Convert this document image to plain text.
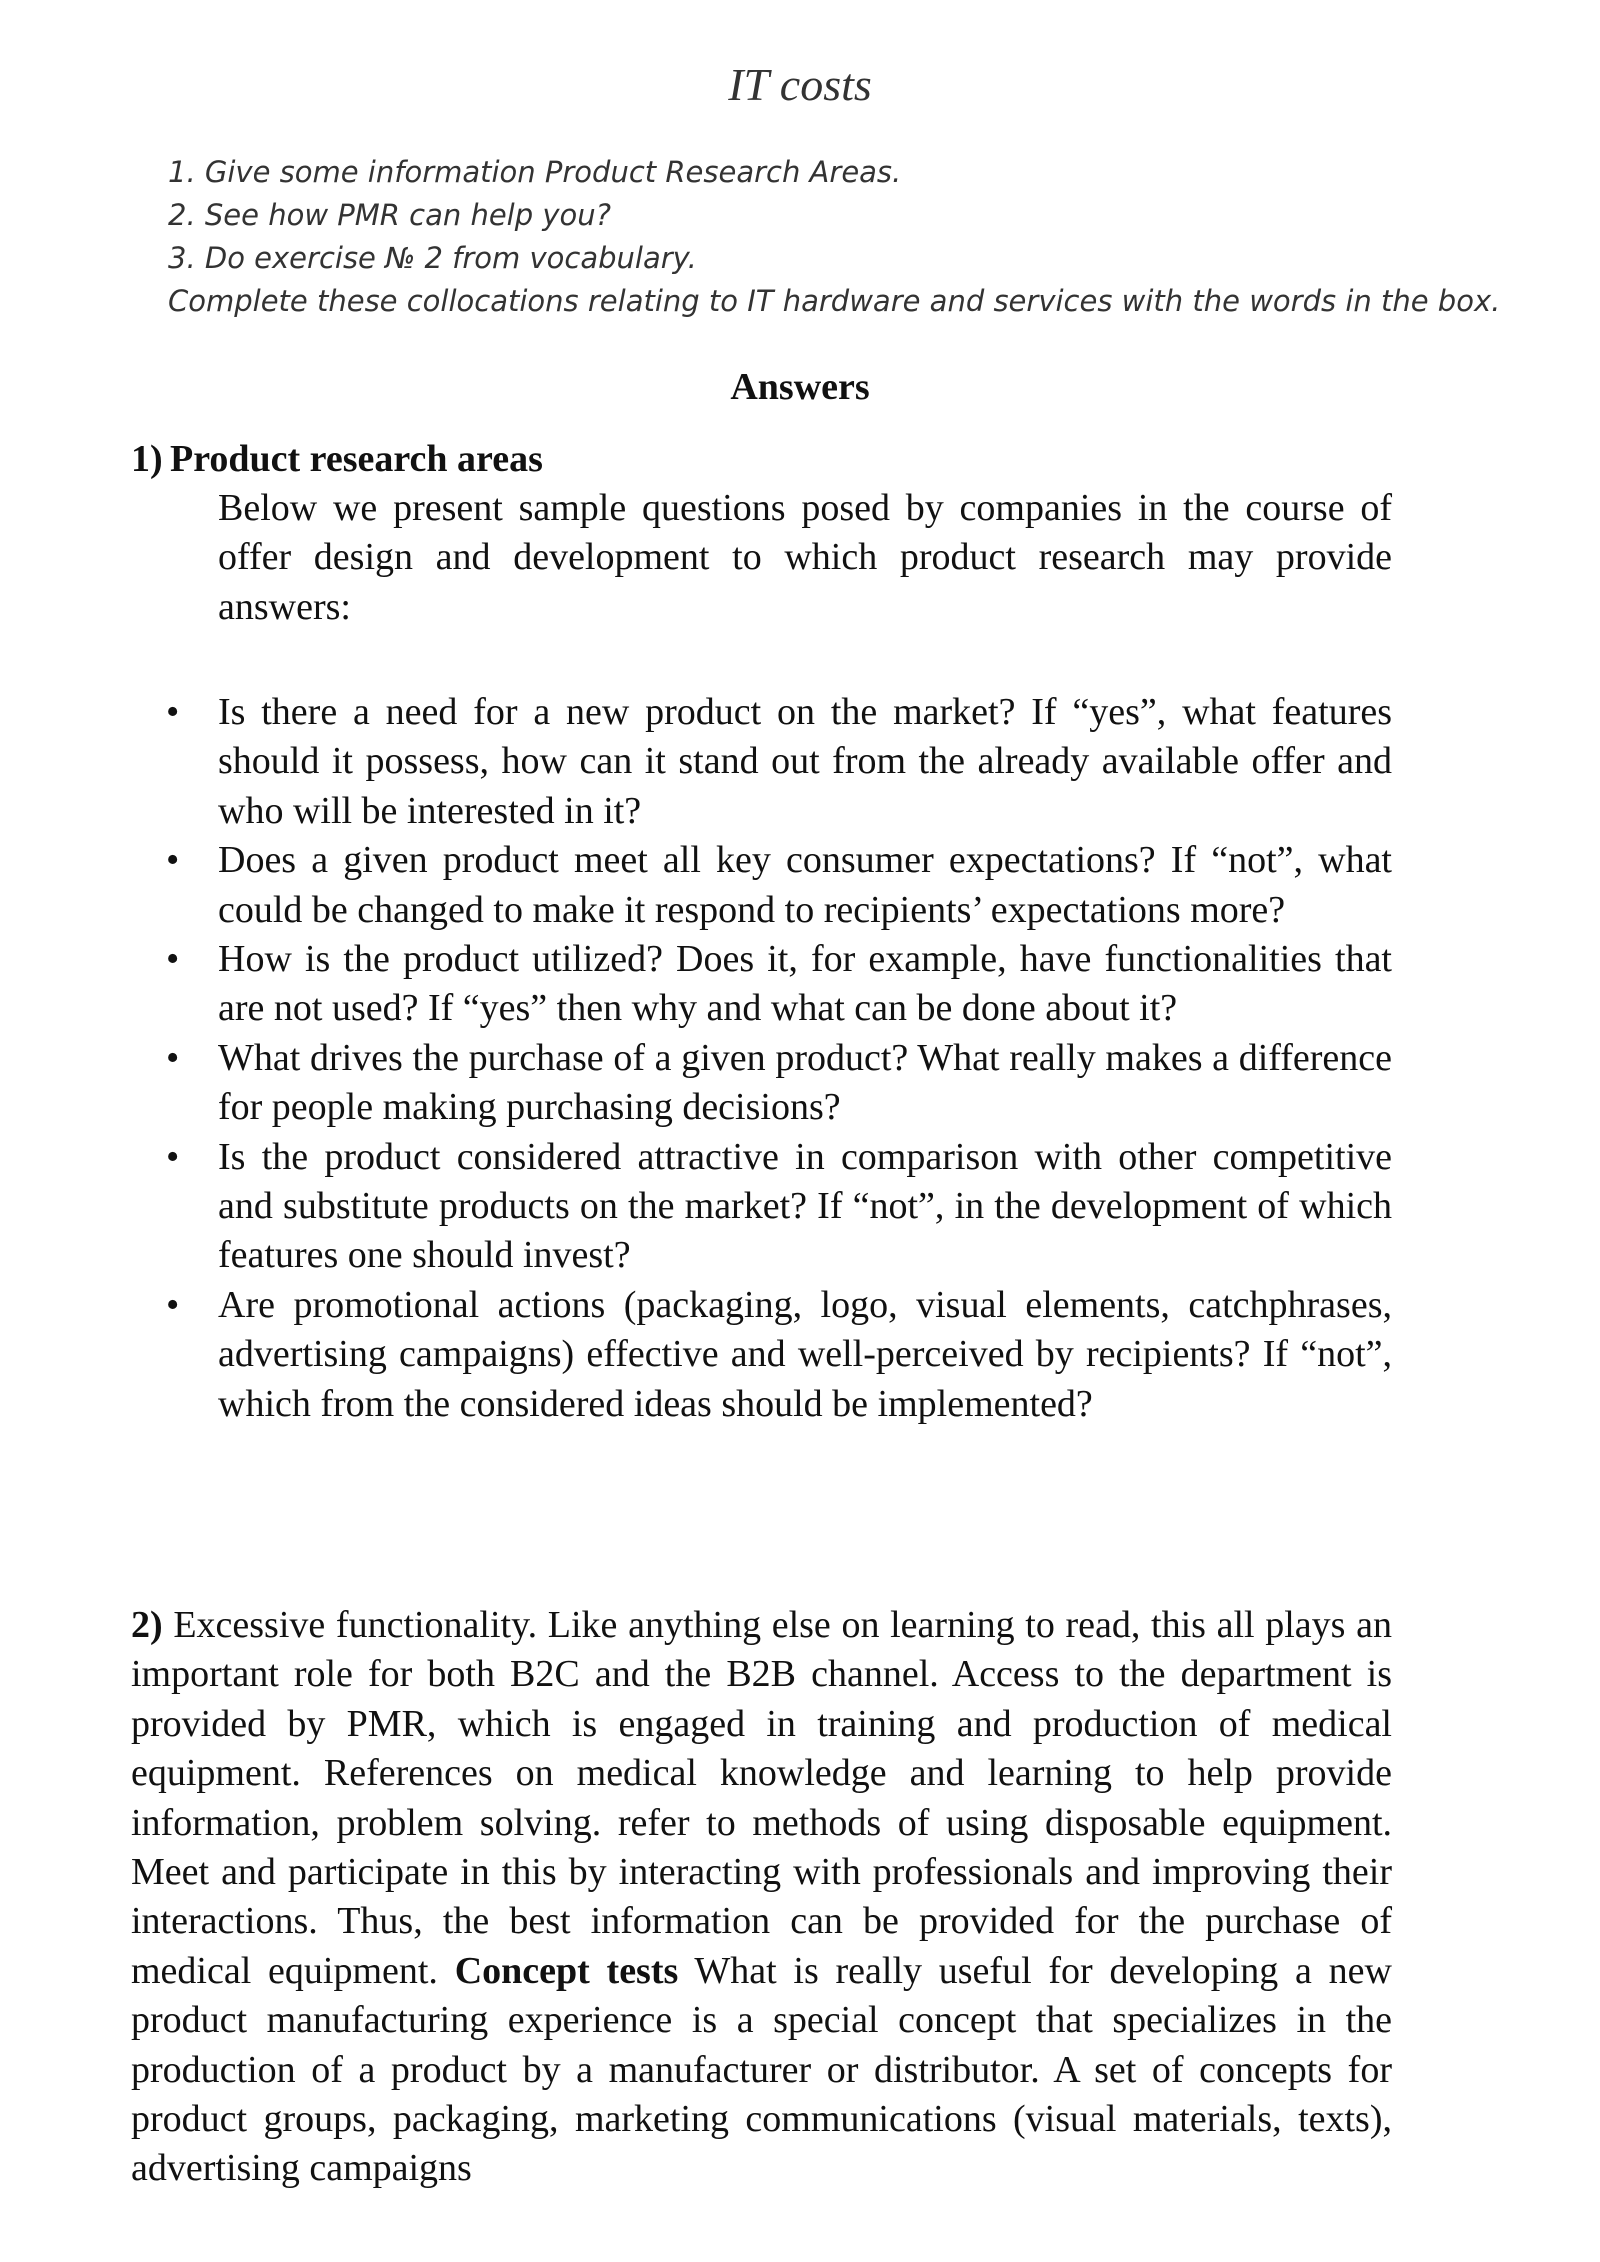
IT costs
1. Give some information Product Research Areas.
2. See how PMR can help you?
3. Do exercise № 2 from vocabulary.
Complete these collocations relating to IT hardware and services with the words in the box.
Answers
1) Product research areas
Below we present sample questions posed by companies in the course of offer design and development to which product research may provide answers:
• Is there a need for a new product on the market? If “yes”, what features should it possess, how can it stand out from the already available offer and who will be interested in it?
• Does a given product meet all key consumer expectations? If “not”, what could be changed to make it respond to recipients’ expectations more?
• How is the product utilized? Does it, for example, have functionalities that are not used? If “yes” then why and what can be done about it?
• What drives the purchase of a given product? What really makes a difference for people making purchasing decisions?
• Is the product considered attractive in comparison with other competitive and substitute products on the market? If “not”, in the development of which features one should invest?
• Are promotional actions (packaging, logo, visual elements, catchphrases, advertising campaigns) effective and well-perceived by recipients? If “not”, which from the considered ideas should be implemented?
2) Excessive functionality. Like anything else on learning to read, this all plays an important role for both B2C and the B2B channel. Access to the department is provided by PMR, which is engaged in training and production of medical equipment. References on medical knowledge and learning to help provide information, problem solving. refer to methods of using disposable equipment. Meet and participate in this by interacting with professionals and improving their interactions. Thus, the best information can be provided for the purchase of medical equipment. Concept tests What is really useful for developing a new product manufacturing experience is a special concept that specializes in the production of a product by a manufacturer or distributor. A set of concepts for product groups, packaging, marketing communications (visual materials, texts), advertising campaigns
